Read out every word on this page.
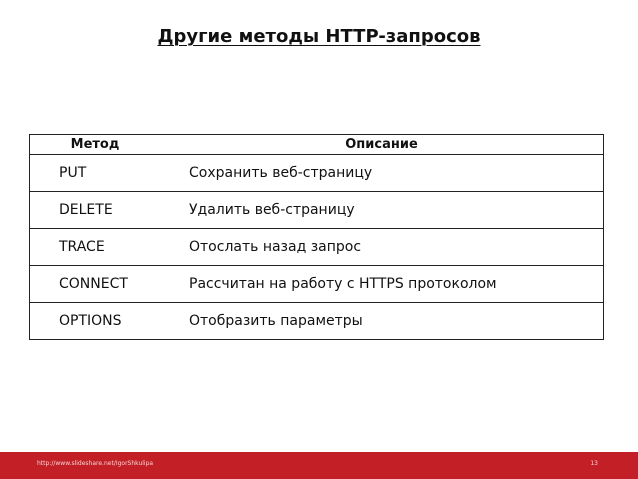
Другие методы HTTP-запросов
Метод	Описание
PUT	Сохранить веб-страницу
DELETE	Удалить веб-страницу
TRACE	Отослать назад запрос
CONNECT	Рассчитан на работу с HTTPS протоколом
OPTIONS	Отобразить параметры
http://www.slideshare.net/IgorShkulipa	13
